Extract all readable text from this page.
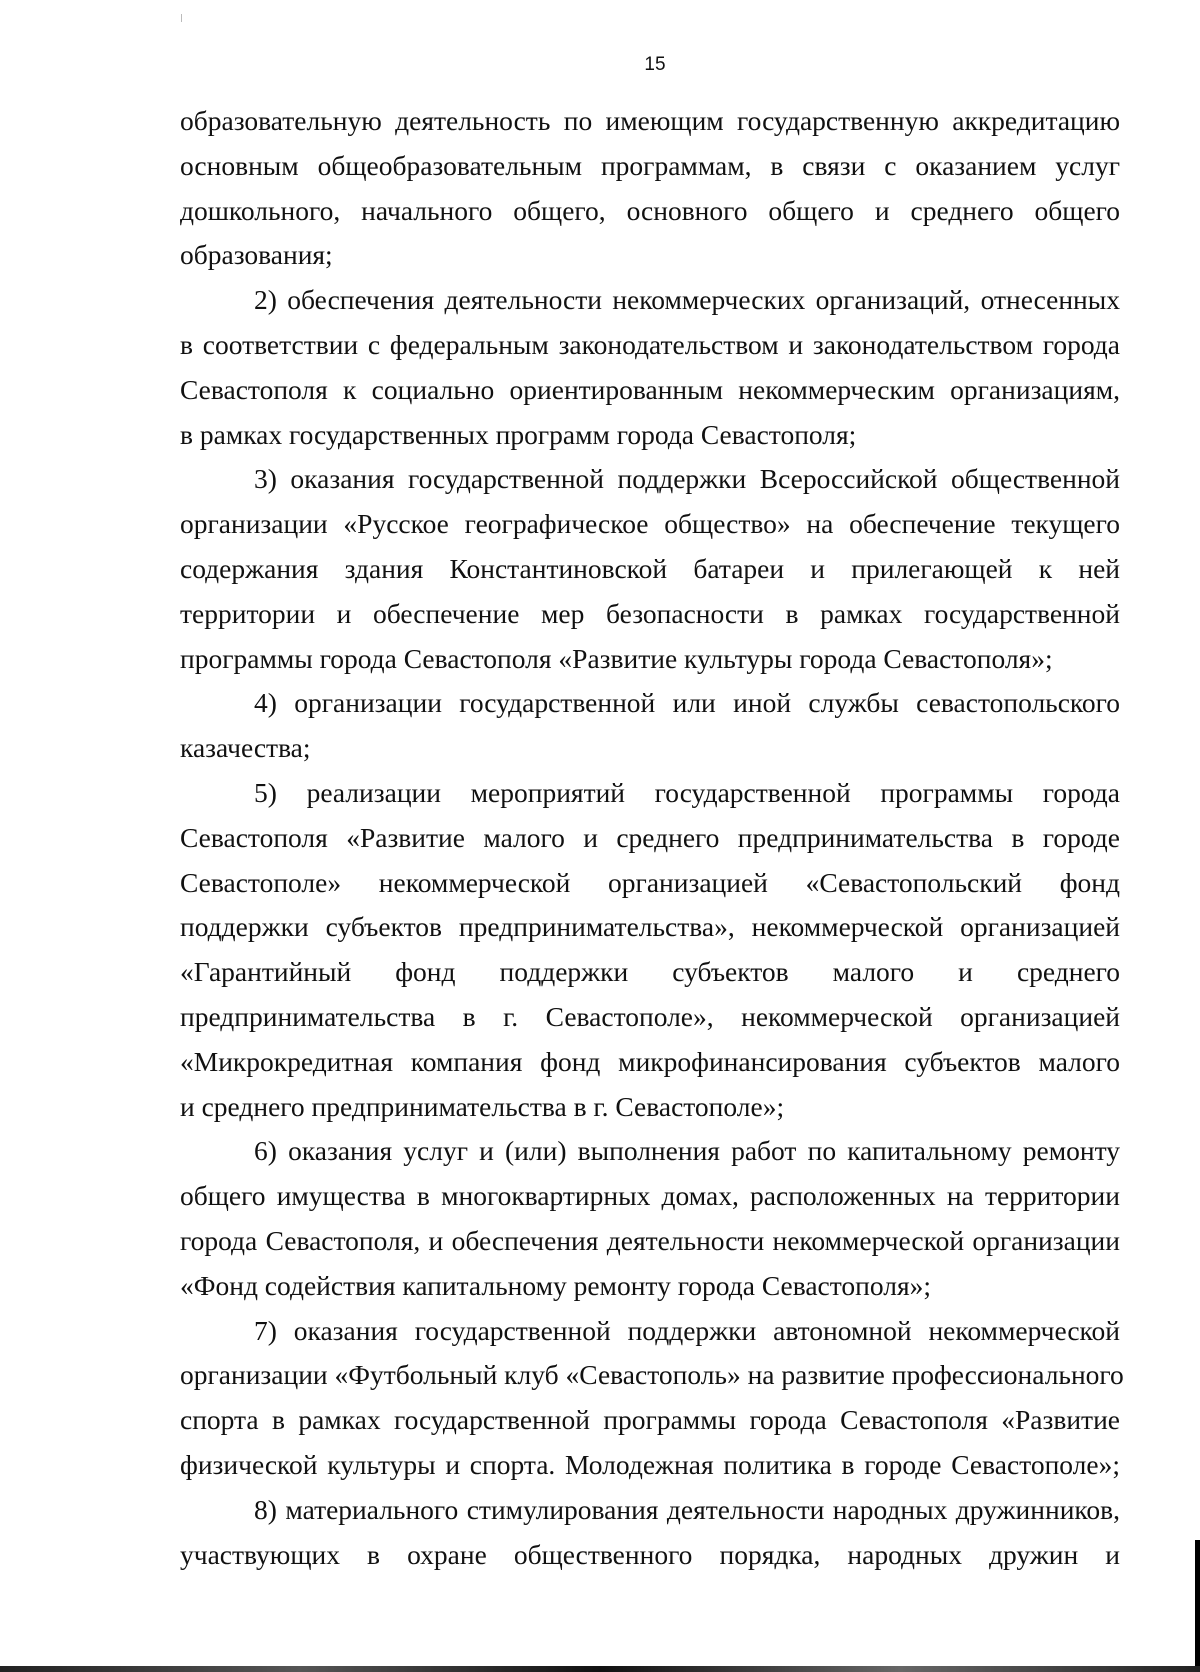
15
образовательную деятельность по имеющим государственную аккредитацию
основным общеобразовательным программам, в связи с оказанием услуг
дошкольного, начального общего, основного общего и среднего общего
образования;
2) обеспечения деятельности некоммерческих организаций, отнесенных
в соответствии с федеральным законодательством и законодательством города
Севастополя к социально ориентированным некоммерческим организациям,
в рамках государственных программ города Севастополя;
3) оказания государственной поддержки Всероссийской общественной
организации «Русское географическое общество» на обеспечение текущего
содержания здания Константиновской батареи и прилегающей к ней
территории и обеспечение мер безопасности в рамках государственной
программы города Севастополя «Развитие культуры города Севастополя»;
4) организации государственной или иной службы севастопольского
казачества;
5) реализации мероприятий государственной программы города
Севастополя «Развитие малого и среднего предпринимательства в городе
Севастополе» некоммерческой организацией «Севастопольский фонд
поддержки субъектов предпринимательства», некоммерческой организацией
«Гарантийный фонд поддержки субъектов малого и среднего
предпринимательства в г. Севастополе», некоммерческой организацией
«Микрокредитная компания фонд микрофинансирования субъектов малого
и среднего предпринимательства в г. Севастополе»;
6) оказания услуг и (или) выполнения работ по капитальному ремонту
общего имущества в многоквартирных домах, расположенных на территории
города Севастополя, и обеспечения деятельности некоммерческой организации
«Фонд содействия капитальному ремонту города Севастополя»;
7) оказания государственной поддержки автономной некоммерческой
организации «Футбольный клуб «Севастополь» на развитие профессионального
спорта в рамках государственной программы города Севастополя «Развитие
физической культуры и спорта. Молодежная политика в городе Севастополе»;
8) материального стимулирования деятельности народных дружинников,
участвующих в охране общественного порядка, народных дружин и
